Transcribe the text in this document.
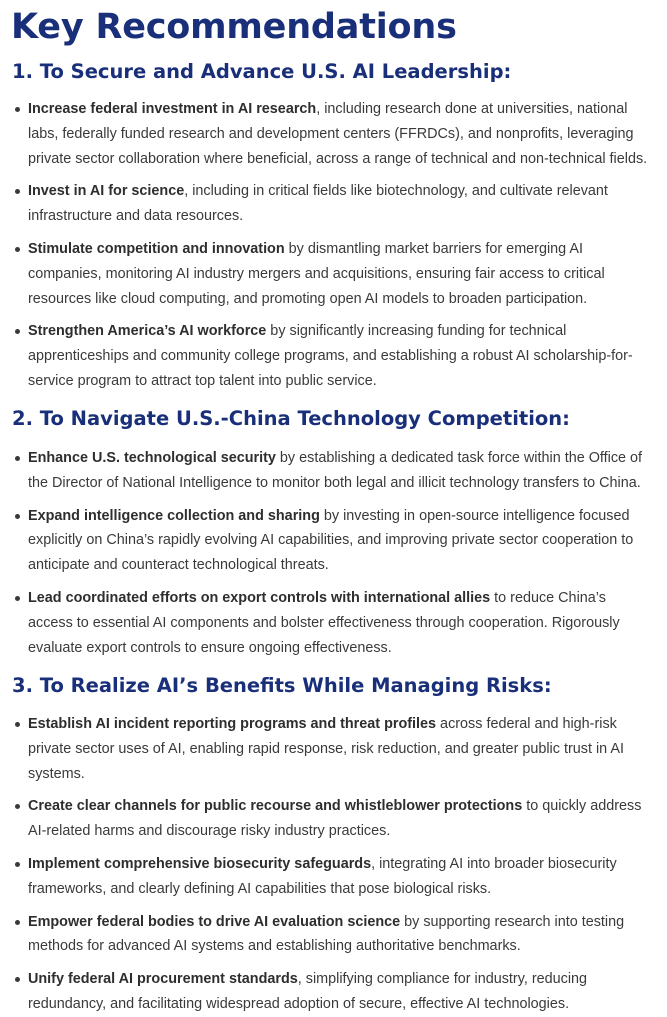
Key Recommendations
1. To Secure and Advance U.S. AI Leadership:
Increase federal investment in AI research, including research done at universities, national labs, federally funded research and development centers (FFRDCs), and nonprofits, leveraging private sector collaboration where beneficial, across a range of technical and non-technical fields.
Invest in AI for science, including in critical fields like biotechnology, and cultivate relevant infrastructure and data resources.
Stimulate competition and innovation by dismantling market barriers for emerging AI companies, monitoring AI industry mergers and acquisitions, ensuring fair access to critical resources like cloud computing, and promoting open AI models to broaden participation.
Strengthen America’s AI workforce by significantly increasing funding for technical apprenticeships and community college programs, and establishing a robust AI scholarship-for-service program to attract top talent into public service.
2. To Navigate U.S.-China Technology Competition:
Enhance U.S. technological security by establishing a dedicated task force within the Office of the Director of National Intelligence to monitor both legal and illicit technology transfers to China.
Expand intelligence collection and sharing by investing in open-source intelligence focused explicitly on China’s rapidly evolving AI capabilities, and improving private sector cooperation to anticipate and counteract technological threats.
Lead coordinated efforts on export controls with international allies to reduce China’s access to essential AI components and bolster effectiveness through cooperation. Rigorously evaluate export controls to ensure ongoing effectiveness.
3. To Realize AI’s Benefits While Managing Risks:
Establish AI incident reporting programs and threat profiles across federal and high-risk private sector uses of AI, enabling rapid response, risk reduction, and greater public trust in AI systems.
Create clear channels for public recourse and whistleblower protections to quickly address AI-related harms and discourage risky industry practices.
Implement comprehensive biosecurity safeguards, integrating AI into broader biosecurity frameworks, and clearly defining AI capabilities that pose biological risks.
Empower federal bodies to drive AI evaluation science by supporting research into testing methods for advanced AI systems and establishing authoritative benchmarks.
Unify federal AI procurement standards, simplifying compliance for industry, reducing redundancy, and facilitating widespread adoption of secure, effective AI technologies.
